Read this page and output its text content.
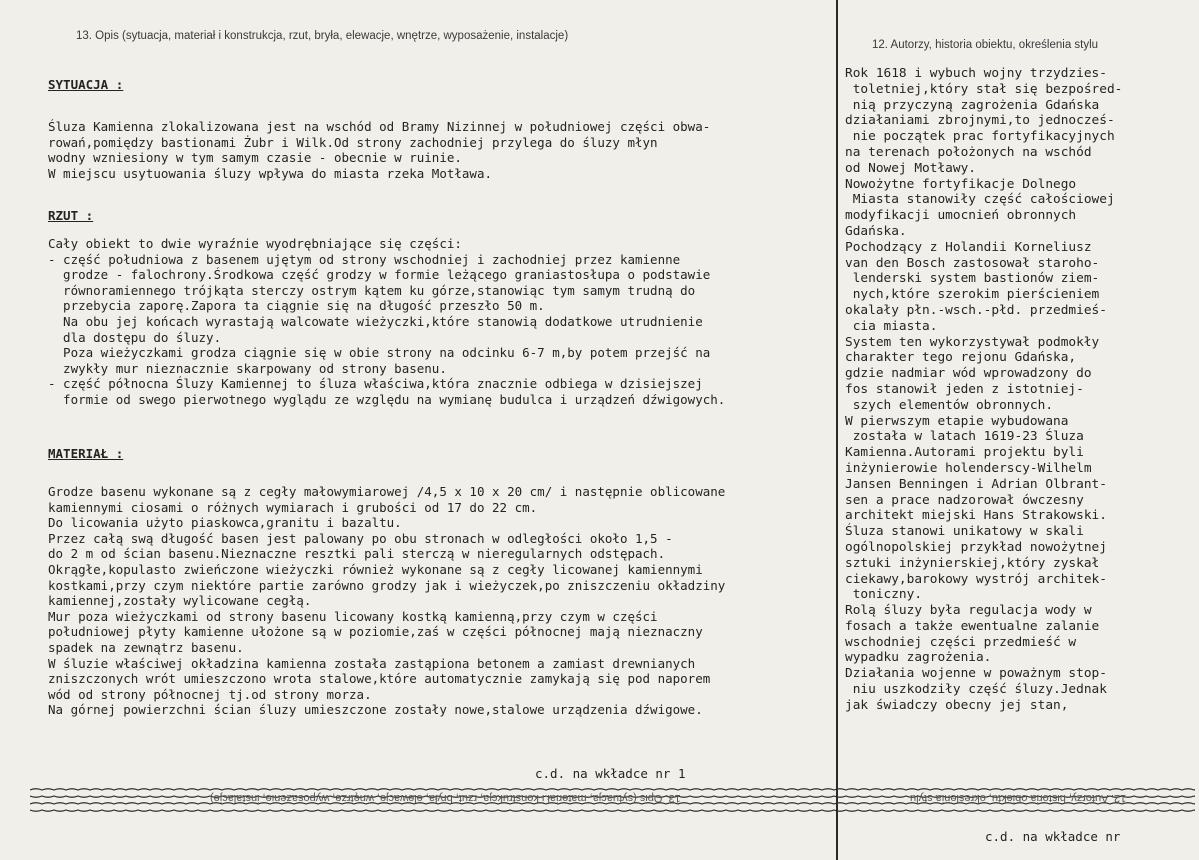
13. Opis (sytuacja, materiał i konstrukcja, rzut, bryła, elewacje, wnętrze, wyposażenie, instalacje)
12. Autorzy, historia obiektu, określenia stylu
SYTUACJA :
Śluza Kamienna zlokalizowana jest na wschód od Bramy Nizinnej w południowej części obwa-
rowań,pomiędzy bastionami Żubr i Wilk.Od strony zachodniej przylega do śluzy młyn
wodny wzniesiony w tym samym czasie - obecnie w ruinie.
W miejscu usytuowania śluzy wpływa do miasta rzeka Motława.
RZUT :
Cały obiekt to dwie wyraźnie wyodrębniające się części:
- część południowa z basenem ujętym od strony wschodniej i zachodniej przez kamienne
grodze - falochrony.Środkowa część grodzy w formie leżącego graniastosłupa o podstawie
równoramiennego trójkąta sterczy ostrym kątem ku górze,stanowiąc tym samym trudną do
przebycia zaporę.Zapora ta ciągnie się na długość przeszło 50 m.
Na obu jej końcach wyrastają walcowate wieżyczki,które stanowią dodatkowe utrudnienie
dla dostępu do śluzy.
Poza wieżyczkami grodza ciągnie się w obie strony na odcinku 6-7 m,by potem przejść na
zwykły mur nieznacznie skarpowany od strony basenu.
- część północna Śluzy Kamiennej to śluza właściwa,która znacznie odbiega w dzisiejszej
formie od swego pierwotnego wyglądu ze względu na wymianę budulca i urządzeń dźwigowych.
MATERIAŁ :
Grodze basenu wykonane są z cegły małowymiarowej /4,5 x 10 x 20 cm/ i następnie oblicowane
kamiennymi ciosami o różnych wymiarach i grubości od 17 do 22 cm.
Do licowania użyto piaskowca,granitu i bazaltu.
Przez całą swą długość basen jest palowany po obu stronach w odległości około 1,5 -
do 2 m od ścian basenu.Nieznaczne resztki pali sterczą w nieregularnych odstępach.
Okrągłe,kopulasto zwieńczone wieżyczki również wykonane są z cegły licowanej kamiennymi
kostkami,przy czym niektóre partie zarówno grodzy jak i wieżyczek,po zniszczeniu okładziny
kamiennej,zostały wylicowane cegłą.
Mur poza wieżyczkami od strony basenu licowany kostką kamienną,przy czym w części
południowej płyty kamienne ułożone są w poziomie,zaś w części północnej mają nieznaczny
spadek na zewnątrz basenu.
W śluzie właściwej okładzina kamienna została zastąpiona betonem a zamiast drewnianych
zniszczonych wrót umieszczono wrota stalowe,które automatycznie zamykają się pod naporem
wód od strony północnej tj.od strony morza.
Na górnej powierzchni ścian śluzy umieszczone zostały nowe,stalowe urządzenia dźwigowe.
c.d. na wkładce nr 1
Rok 1618 i wybuch wojny trzydzies-
toletniej,który stał się bezpośred-
nią przyczyną zagrożenia Gdańska
działaniami zbrojnymi,to jednocześ-
nie początek prac fortyfikacyjnych
na terenach położonych na wschód
od Nowej Motławy.
Nowożytne fortyfikacje Dolnego
Miasta stanowiły część całościowej
modyfikacji umocnień obronnych
Gdańska.
Pochodzący z Holandii Korneliusz
van den Bosch zastosował staroho-
lenderski system bastionów ziem-
nych,które szerokim pierścieniem
okalały płn.-wsch.-płd. przedmieś-
cia miasta.
System ten wykorzystywał podmokły
charakter tego rejonu Gdańska,
gdzie nadmiar wód wprowadzony do
fos stanowił jeden z istotniej-
szych elementów obronnych.
W pierwszym etapie wybudowana
została w latach 1619-23 Śluza
Kamienna.Autorami projektu byli
inżynierowie holenderscy-Wilhelm
Jansen Benningen i Adrian Olbrant-
sen a prace nadzorował ówczesny
architekt miejski Hans Strakowski.
Śluza stanowi unikatowy w skali
ogólnopolskiej przykład nowożytnej
sztuki inżynierskiej,który zyskał
ciekawy,barokowy wystrój architek-
toniczny.
Rolą śluzy była regulacja wody w
fosach a także ewentualne zalanie
wschodniej części przedmieść w
wypadku zagrożenia.
Działania wojenne w poważnym stop-
niu uszkodziły część śluzy.Jednak
jak świadczy obecny jej stan,
c.d. na wkładce nr
13. Opis (sytuacja, materiał i konstrukcja, rzut, bryła, elewacje, wnętrze, wyposażenie, instalacje)	12. Autorzy, historia obiektu, określenia stylu
